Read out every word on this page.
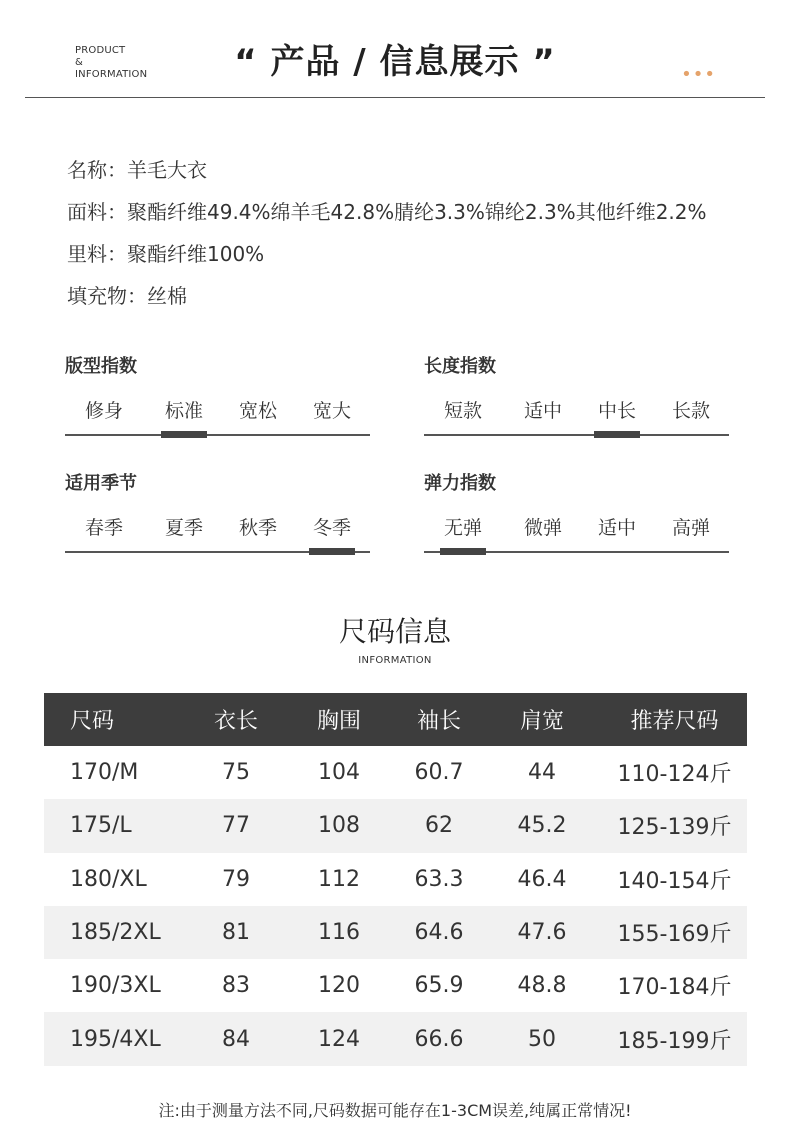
PRODUCT
&
INFORMATION	“ 产品 / 信息展示 ”	•••
名称：羊毛大衣
面料：聚酯纤维49.4%绵羊毛42.8%腈纶3.3%锦纶2.3%其他纤维2.2%
里料：聚酯纤维100%
填充物：丝棉
版型指数
修身	标准	宽松	宽大
长度指数
短款	适中	中长	长款
适用季节
春季	夏季	秋季	冬季
弹力指数
无弹	微弹	适中	高弹
尺码信息
INFORMATION
尺码	衣长	胸围	袖长	肩宽	推荐尺码
170/M	75	104	60.7	44	110-124斤
175/L	77	108	62	45.2	125-139斤
180/XL	79	112	63.3	46.4	140-154斤
185/2XL	81	116	64.6	47.6	155-169斤
190/3XL	83	120	65.9	48.8	170-184斤
195/4XL	84	124	66.6	50	185-199斤
注:由于测量方法不同,尺码数据可能存在1-3CM误差,纯属正常情况!
